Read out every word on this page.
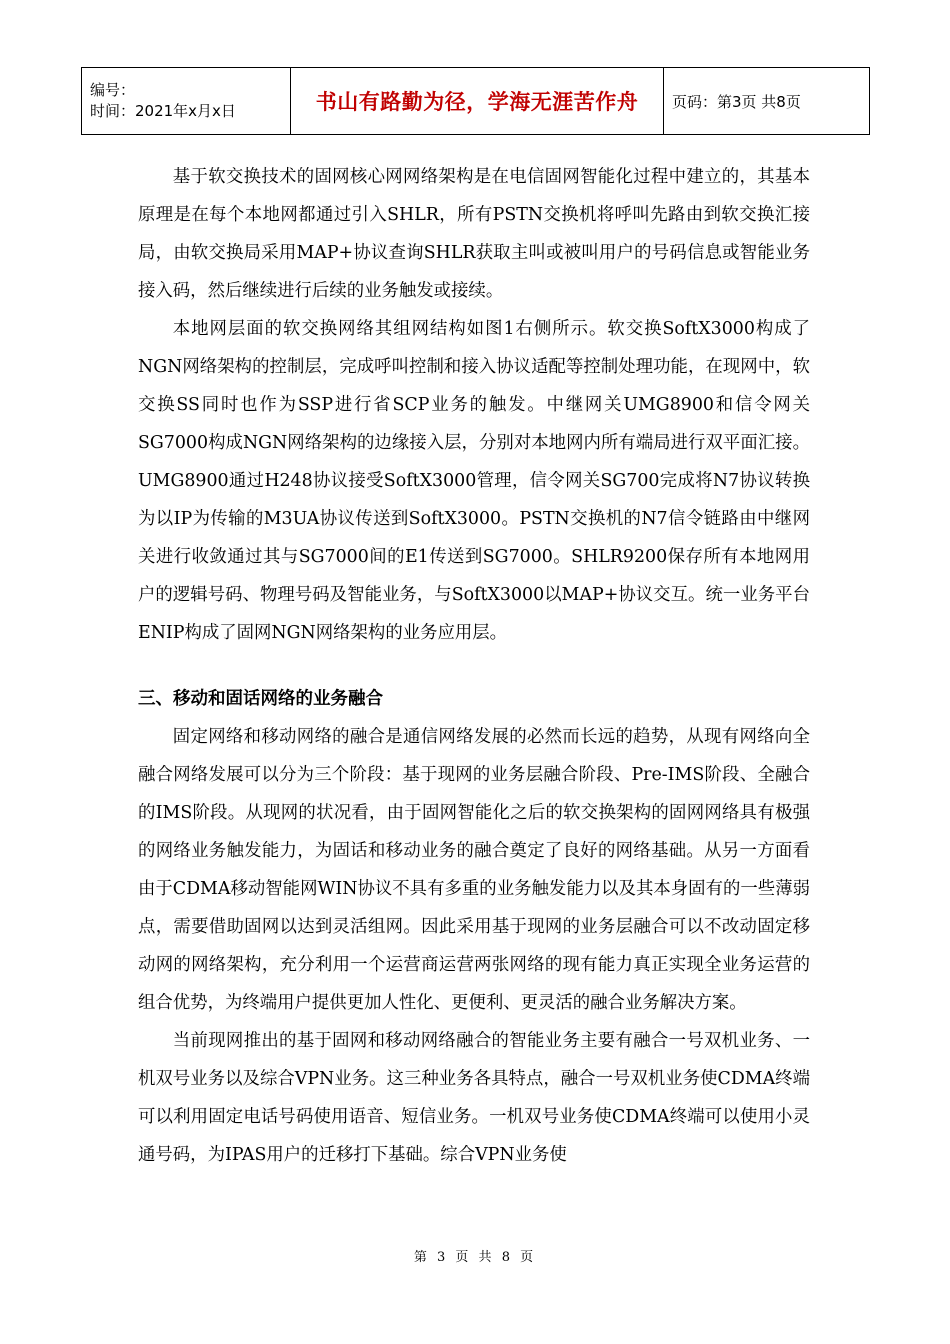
编号：
时间：2021年x月x日	书山有路勤为径，学海无涯苦作舟	页码：第3页 共8页

基于软交换技术的固网核心网网络架构是在电信固网智能化过程中建立的，其基本原理是在每个本地网都通过引入SHLR，所有PSTN交换机将呼叫先路由到软交换汇接局，由软交换局采用MAP+协议查询SHLR获取主叫或被叫用户的号码信息或智能业务接入码，然后继续进行后续的业务触发或接续。

本地网层面的软交换网络其组网结构如图1右侧所示。软交换SoftX3000构成了NGN网络架构的控制层，完成呼叫控制和接入协议适配等控制处理功能，在现网中，软交换SS同时也作为SSP进行省SCP业务的触发。中继网关UMG8900和信令网关SG7000构成NGN网络架构的边缘接入层，分别对本地网内所有端局进行双平面汇接。UMG8900通过H248协议接受SoftX3000管理，信令网关SG700完成将N7协议转换为以IP为传输的M3UA协议传送到SoftX3000。PSTN交换机的N7信令链路由中继网关进行收敛通过其与SG7000间的E1传送到SG7000。SHLR9200保存所有本地网用户的逻辑号码、物理号码及智能业务，与SoftX3000以MAP+协议交互。统一业务平台ENIP构成了固网NGN网络架构的业务应用层。

三、移动和固话网络的业务融合

固定网络和移动网络的融合是通信网络发展的必然而长远的趋势，从现有网络向全融合网络发展可以分为三个阶段：基于现网的业务层融合阶段、Pre-IMS阶段、全融合的IMS阶段。从现网的状况看，由于固网智能化之后的软交换架构的固网网络具有极强的网络业务触发能力，为固话和移动业务的融合奠定了良好的网络基础。从另一方面看由于CDMA移动智能网WIN协议不具有多重的业务触发能力以及其本身固有的一些薄弱点，需要借助固网以达到灵活组网。因此采用基于现网的业务层融合可以不改动固定移动网的网络架构，充分利用一个运营商运营两张网络的现有能力真正实现全业务运营的组合优势，为终端用户提供更加人性化、更便利、更灵活的融合业务解决方案。

当前现网推出的基于固网和移动网络融合的智能业务主要有融合一号双机业务、一机双号业务以及综合VPN业务。这三种业务各具特点，融合一号双机业务使CDMA终端可以利用固定电话号码使用语音、短信业务。一机双号业务使CDMA终端可以使用小灵通号码，为IPAS用户的迁移打下基础。综合VPN业务使

第 3 页 共 8 页
